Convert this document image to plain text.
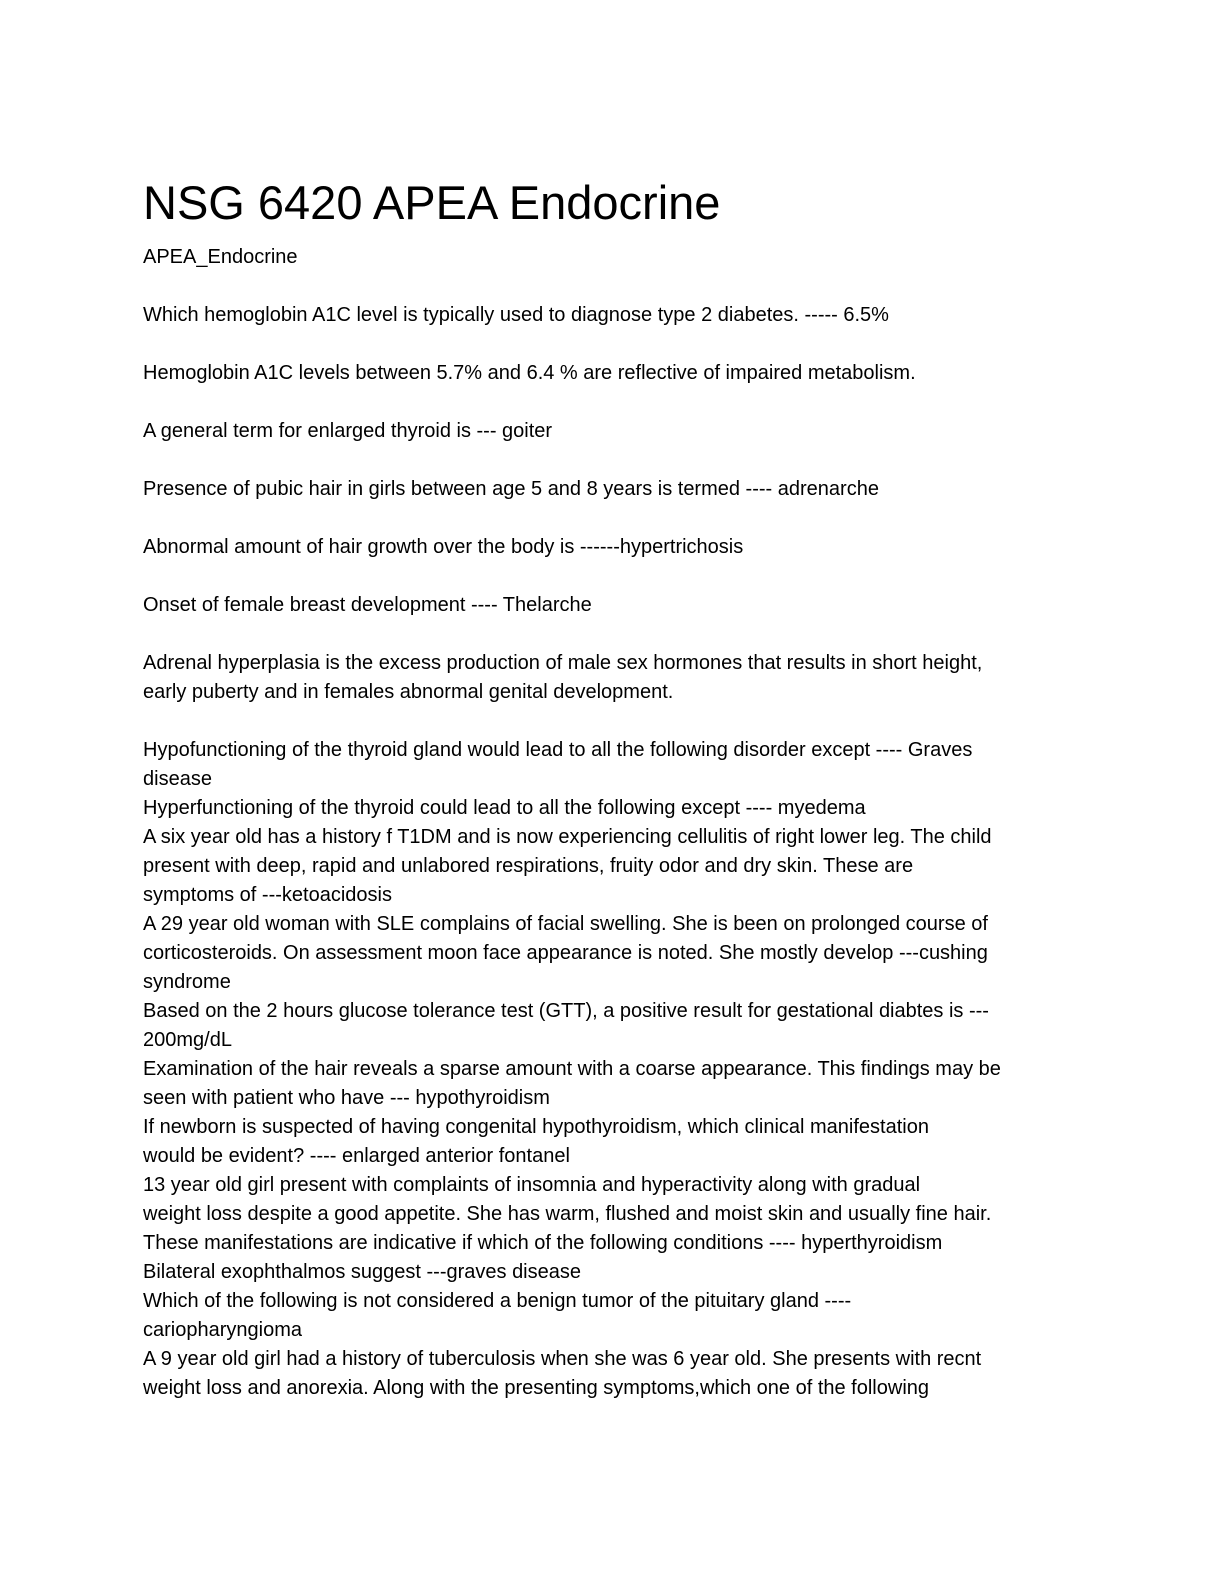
NSG 6420 APEA Endocrine

APEA_Endocrine

Which hemoglobin A1C level is typically used to diagnose type 2 diabetes. ----- 6.5%

Hemoglobin A1C levels between 5.7% and 6.4 % are reflective of impaired metabolism.

A general term for enlarged thyroid is --- goiter

Presence of pubic hair in girls between age 5 and 8 years is termed ---- adrenarche

Abnormal amount of hair growth over the body is ------hypertrichosis

Onset of female breast development ---- Thelarche

Adrenal hyperplasia is the excess production of male sex hormones that results in short height,

early puberty and in females abnormal genital development.

Hypofunctioning of the thyroid gland would lead to all the following disorder except ---- Graves

disease

Hyperfunctioning of the thyroid could lead to all the following except ---- myedema

A six year old has a history f T1DM and is now experiencing cellulitis of right lower leg. The child

present with deep, rapid and unlabored respirations, fruity odor and dry skin. These are

symptoms of ---ketoacidosis

A 29 year old woman with SLE complains of facial swelling. She is been on prolonged course of

corticosteroids. On assessment moon face appearance is noted. She mostly develop ---cushing

syndrome

Based on the 2 hours glucose tolerance test (GTT), a positive result for gestational diabtes is ---

200mg/dL

Examination of the hair reveals a sparse amount with a coarse appearance. This findings may be

seen with patient who have --- hypothyroidism

If newborn is suspected of having congenital hypothyroidism, which clinical manifestation

would be evident? ---- enlarged anterior fontanel

13 year old girl present with complaints of insomnia and hyperactivity along with gradual

weight loss despite a good appetite. She has warm, flushed and moist skin and usually fine hair.

These manifestations are indicative if which of the following conditions ---- hyperthyroidism

Bilateral exophthalmos suggest ---graves disease

Which of the following is not considered a benign tumor of the pituitary gland ----

cariopharyngioma

A 9 year old girl had a history of tuberculosis when she was 6 year old. She presents with recnt

weight loss and anorexia. Along with the presenting symptoms,which one of the following
